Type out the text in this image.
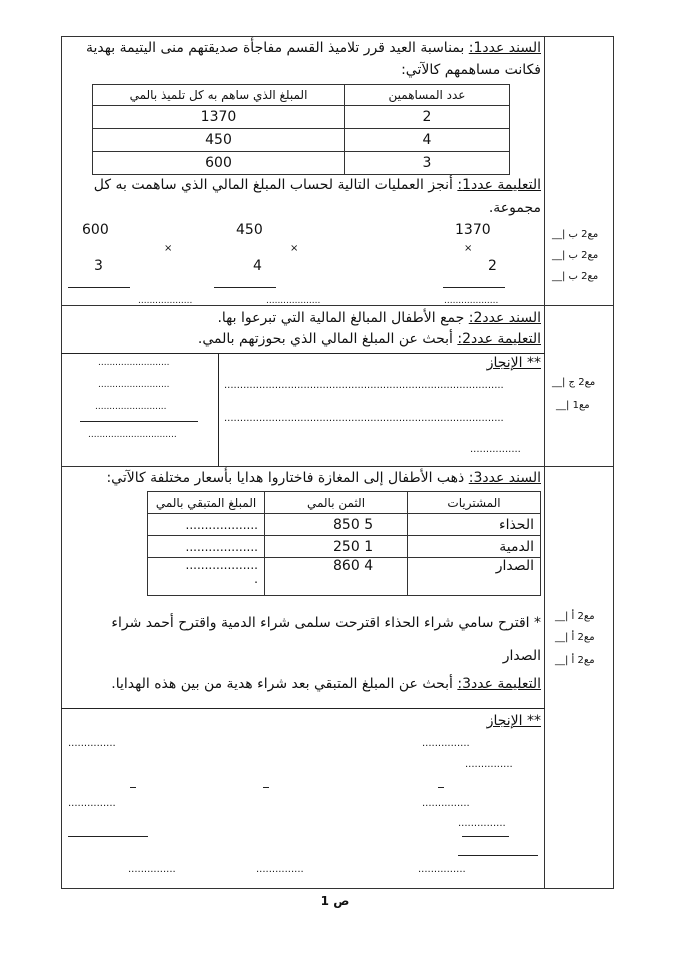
السند عدد1: بمناسبة العيد قرر تلاميذ القسم مفاجأة صديقتهم منى اليتيمة بهدية
فكانت مساهمهم كالآتي:
عدد المساهمين	المبلغ الذي ساهم به كل تلميذ بالمي
2	1370
4	450
3	600
التعليمة عدد1: أنجز العمليات التالية لحساب المبلغ المالي الذي ساهمت به كل
مجموعة.
1370
×
2
450
×
4
600
×
3
...................
...................
...................
مع2 ب |__
مع2 ب |__
مع2 ب |__
السند عدد2: جمع الأطفال المبالغ المالية التي تبرعوا بها.
التعليمة عدد2: أبحث عن المبلغ المالي الذي بحوزتهم بالمي.
** الإنجاز
........................................................................................
........................................................................................
................
.........................
.........................
.........................
...............................
مع2 ج |__
مع1 |__
السند عدد3: ذهب الأطفال إلى المغازة فاختاروا هدايا بأسعار مختلفة كالآتي:
المشتريات	الثمن بالمي	المبلغ المتبقي بالمي
الحذاء	5 850	...................
الدمية	1 250	...................
الصدار	4 860	...................
.
* اقترح سامي شراء الحذاء اقترحت سلمى شراء الدمية واقترح أحمد شراء
الصدار
التعليمة عدد3: أبحث عن المبلغ المتبقي بعد شراء هدية من بين هذه الهدايا.
** الإنجاز
...............
...............
...............
...............
...............
...............
...............
...............
...............
مع2 أ |__
مع2 أ |__
مع2 أ |__
ص 1
